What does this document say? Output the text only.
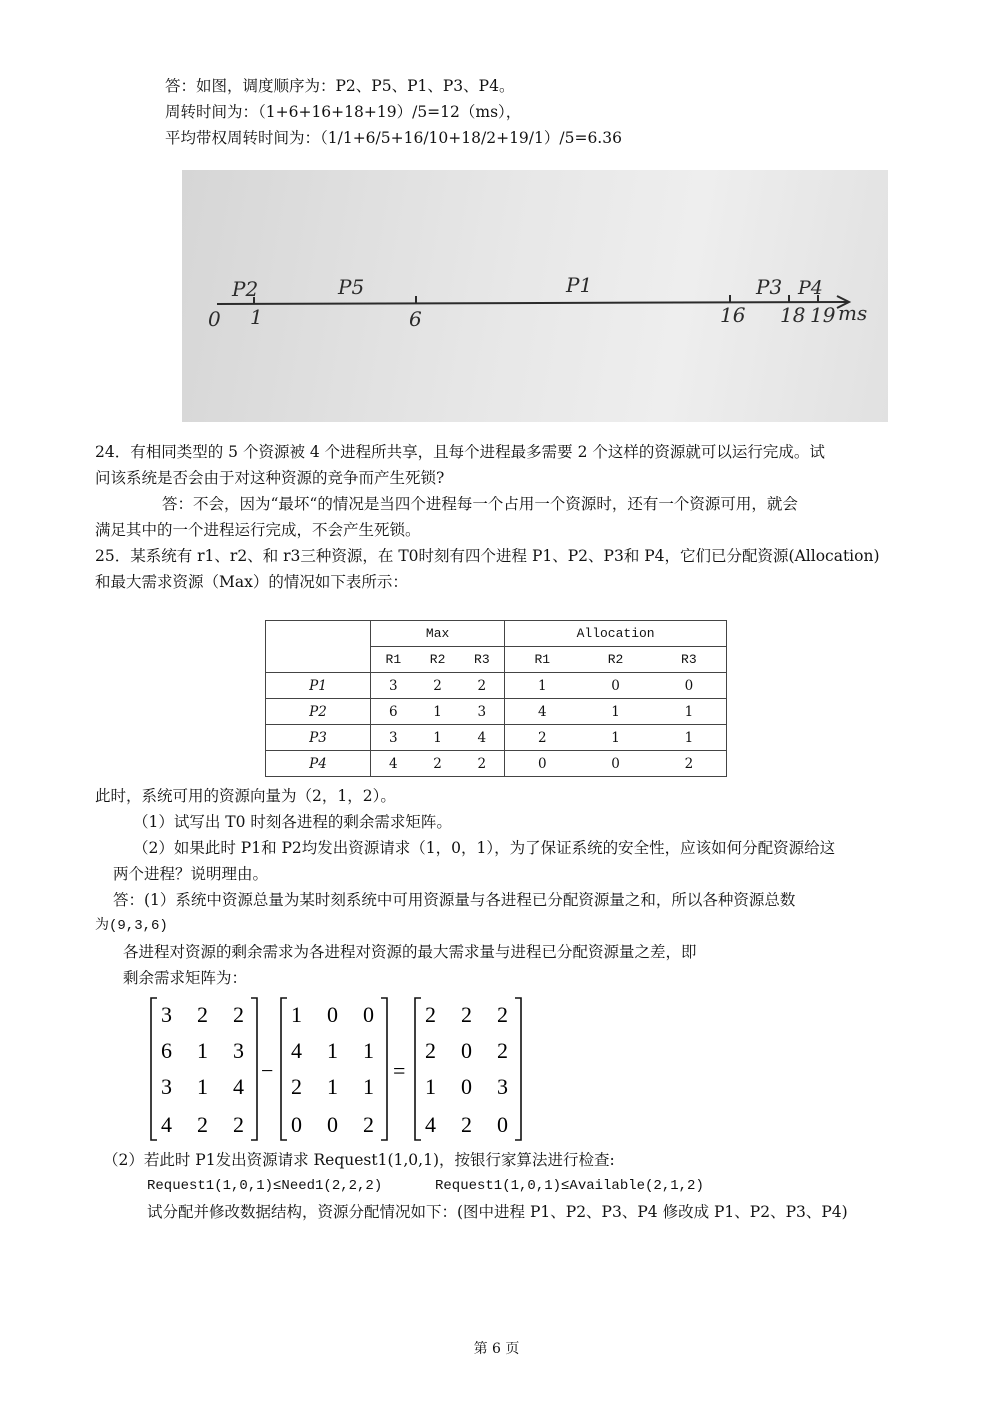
答：如图，调度顺序为：P2、P5、P1、P3、P4。
周转时间为：（1+6+16+18+19）/5=12（ms），
平均带权周转时间为：（1/1+6/5+16/10+18/2+19/1）/5=6.36
P2	P5	P1	P3 P4
0 1	6	16 18 19 ms
24．有相同类型的 5 个资源被 4 个进程所共享，且每个进程最多需要 2 个这样的资源就可以运行完成。试
问该系统是否会由于对这种资源的竞争而产生死锁?
答：不会，因为“最坏“的情况是当四个进程每一个占用一个资源时，还有一个资源可用，就会
满足其中的一个进程运行完成，不会产生死锁。
25．某系统有 r1、r2、和 r3三种资源，在 T0时刻有四个进程 P1、P2、P3和 P4，它们已分配资源(Allocation)
和最大需求资源（Max）的情况如下表所示：
	Max			Allocation		
	R1	R2	R3	R1	R2	R3
P1	3	2	2	1	0	0
P2	6	1	3	4	1	1
P3	3	1	4	2	1	1
P4	4	2	2	0	0	2
此时，系统可用的资源向量为（2，1，2）。
（1）试写出 T0 时刻各进程的剩余需求矩阵。
（2）如果此时 P1和 P2均发出资源请求（1，0，1），为了保证系统的安全性，应该如何分配资源给这
两个进程？说明理由。
答：(1）系统中资源总量为某时刻系统中可用资源量与各进程已分配资源量之和，所以各种资源总数
为(9,3,6)
各进程对资源的剩余需求为各进程对资源的最大需求量与进程已分配资源量之差，即
剩余需求矩阵为：
3 2 2
6 1 3
3 1 4
4 2 2
−
1 0 0
4 1 1
2 1 1
0 0 2
=
2 2 2
2 0 2
1 0 3
4 2 0
（2）若此时 P1发出资源请求 Request1(1,0,1)，按银行家算法进行检查:
Request1(1,0,1)≤Need1(2,2,2)	Request1(1,0,1)≤Available(2,1,2)
试分配并修改数据结构，资源分配情况如下：(图中进程 P1、P2、P3、P4 修改成 P1、P2、P3、P4)
第 6 页
